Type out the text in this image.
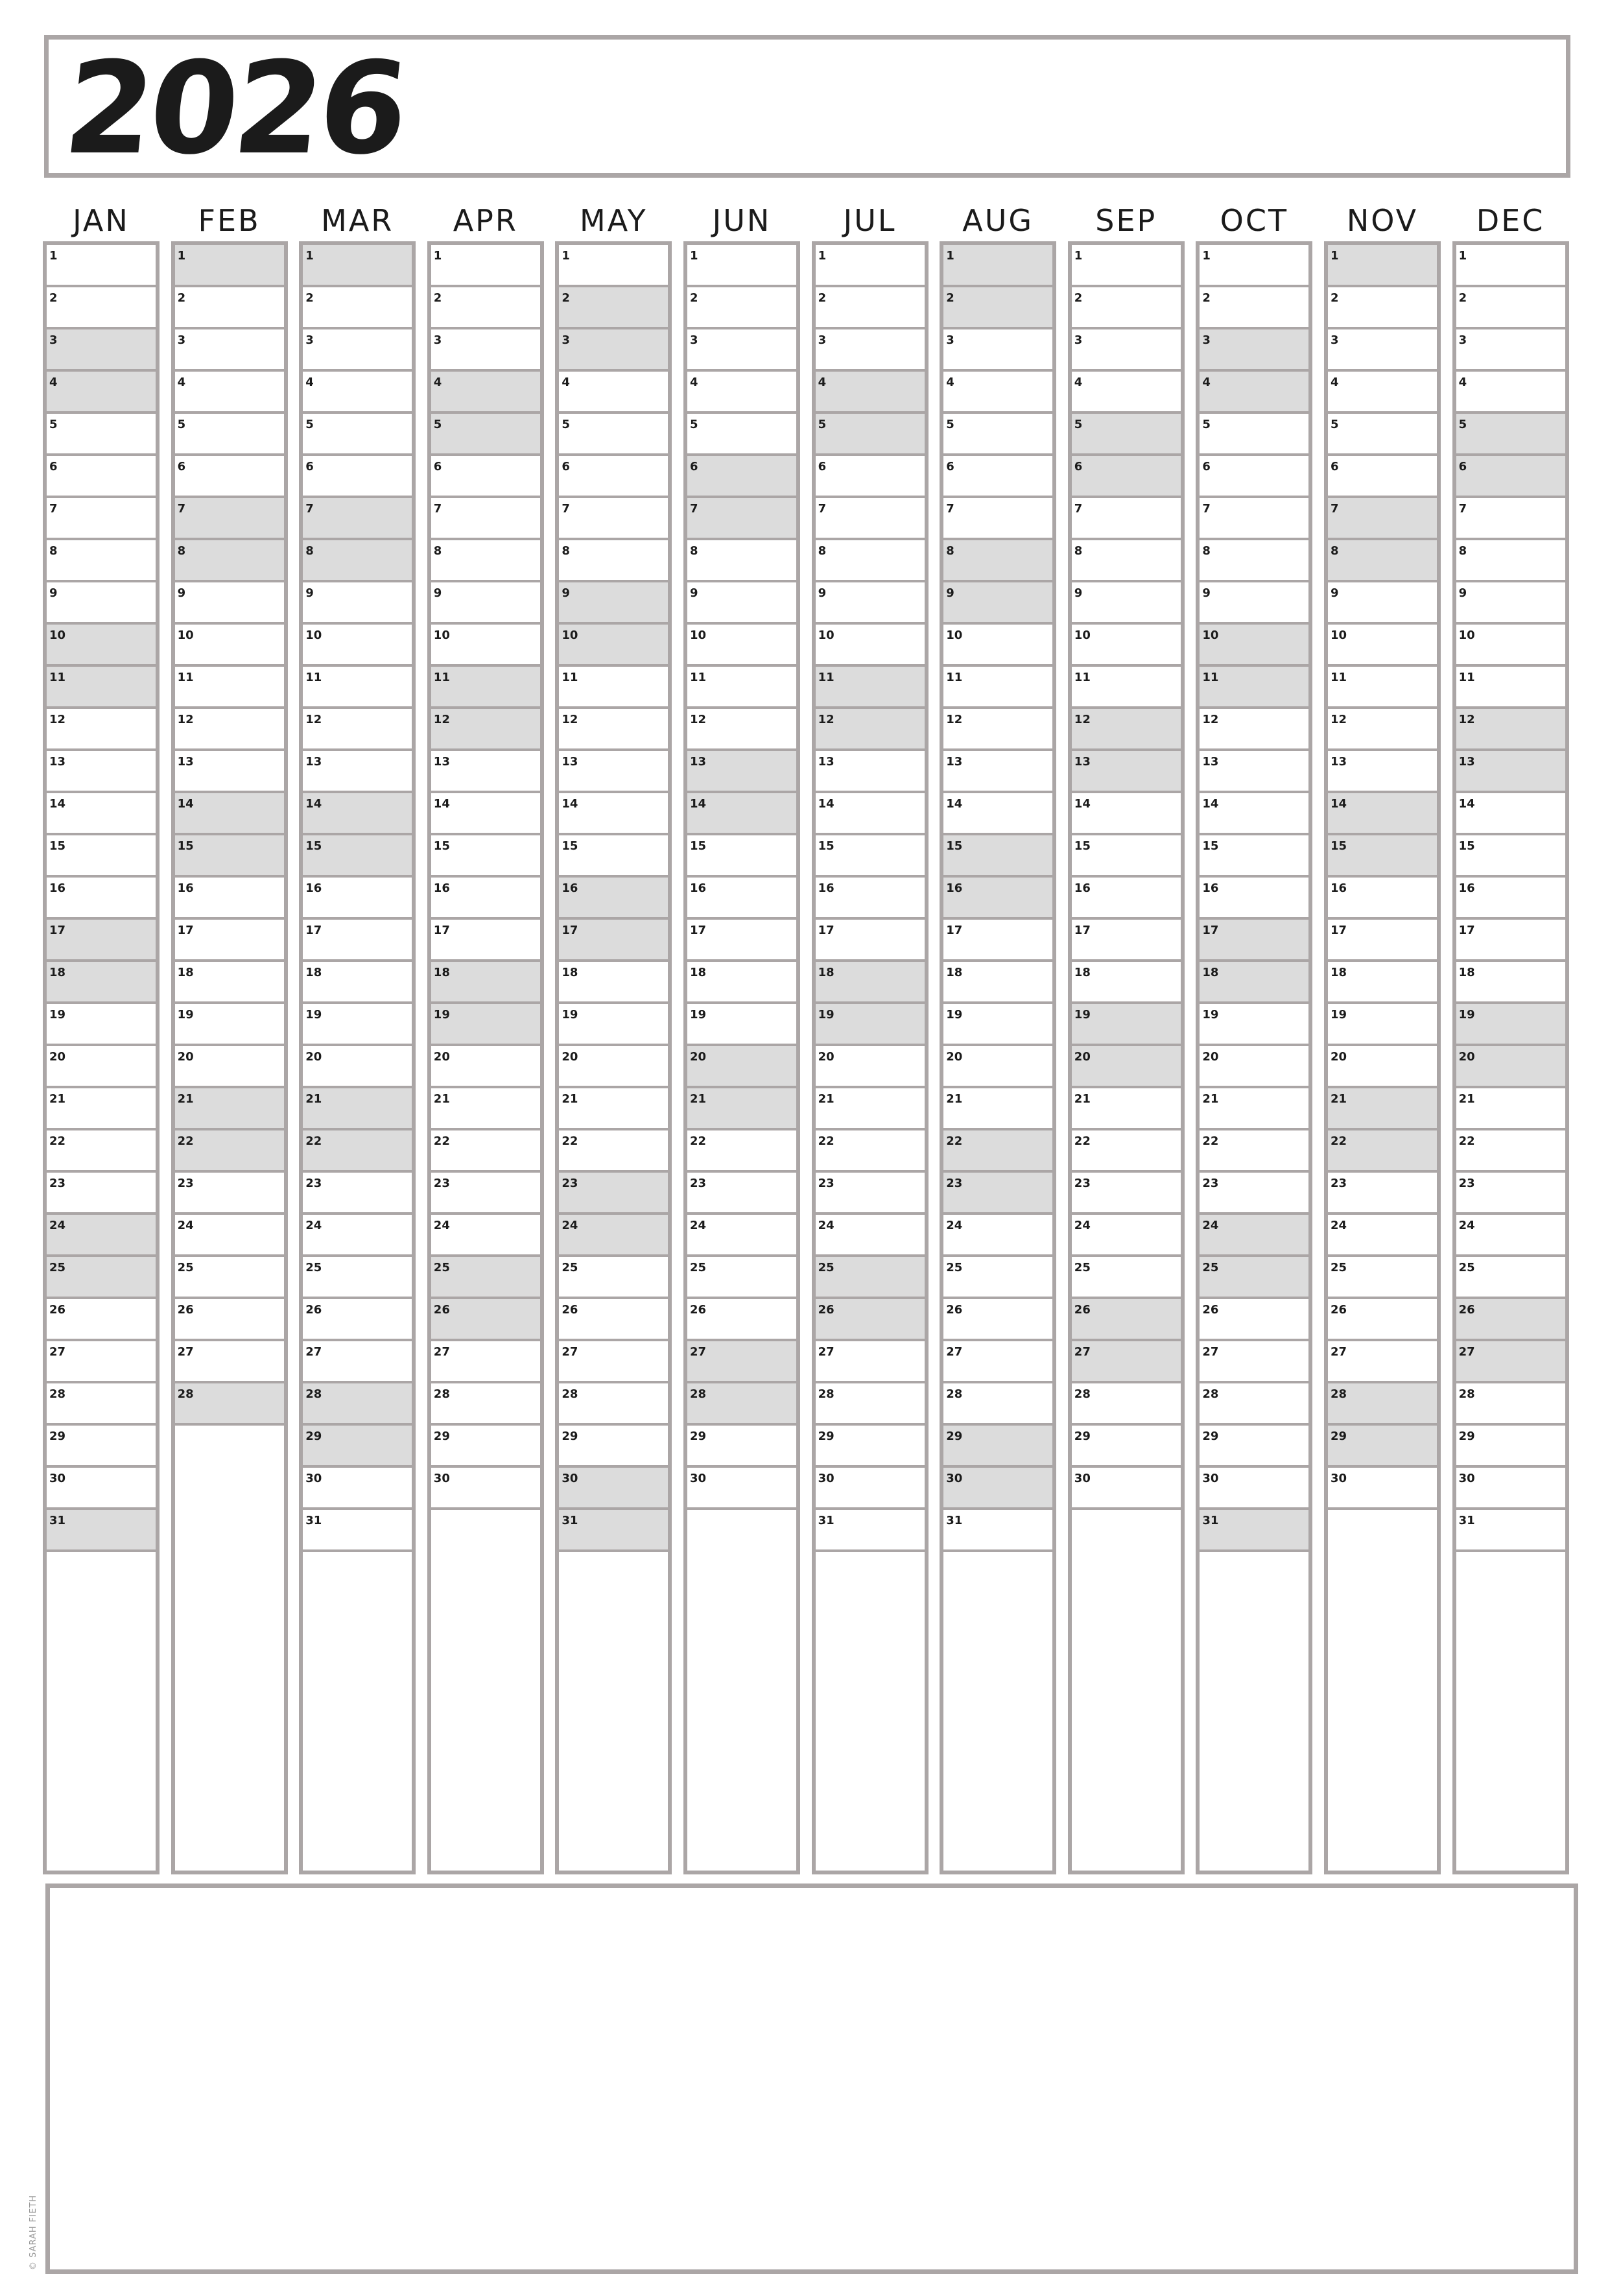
2026
JAN
1
2
3
4
5
6
7
8
9
10
11
12
13
14
15
16
17
18
19
20
21
22
23
24
25
26
27
28
29
30
31
FEB
1
2
3
4
5
6
7
8
9
10
11
12
13
14
15
16
17
18
19
20
21
22
23
24
25
26
27
28
MAR
1
2
3
4
5
6
7
8
9
10
11
12
13
14
15
16
17
18
19
20
21
22
23
24
25
26
27
28
29
30
31
APR
1
2
3
4
5
6
7
8
9
10
11
12
13
14
15
16
17
18
19
20
21
22
23
24
25
26
27
28
29
30
MAY
1
2
3
4
5
6
7
8
9
10
11
12
13
14
15
16
17
18
19
20
21
22
23
24
25
26
27
28
29
30
31
JUN
1
2
3
4
5
6
7
8
9
10
11
12
13
14
15
16
17
18
19
20
21
22
23
24
25
26
27
28
29
30
JUL
1
2
3
4
5
6
7
8
9
10
11
12
13
14
15
16
17
18
19
20
21
22
23
24
25
26
27
28
29
30
31
AUG
1
2
3
4
5
6
7
8
9
10
11
12
13
14
15
16
17
18
19
20
21
22
23
24
25
26
27
28
29
30
31
SEP
1
2
3
4
5
6
7
8
9
10
11
12
13
14
15
16
17
18
19
20
21
22
23
24
25
26
27
28
29
30
OCT
1
2
3
4
5
6
7
8
9
10
11
12
13
14
15
16
17
18
19
20
21
22
23
24
25
26
27
28
29
30
31
NOV
1
2
3
4
5
6
7
8
9
10
11
12
13
14
15
16
17
18
19
20
21
22
23
24
25
26
27
28
29
30
DEC
1
2
3
4
5
6
7
8
9
10
11
12
13
14
15
16
17
18
19
20
21
22
23
24
25
26
27
28
29
30
31
© SARAH FIETH
